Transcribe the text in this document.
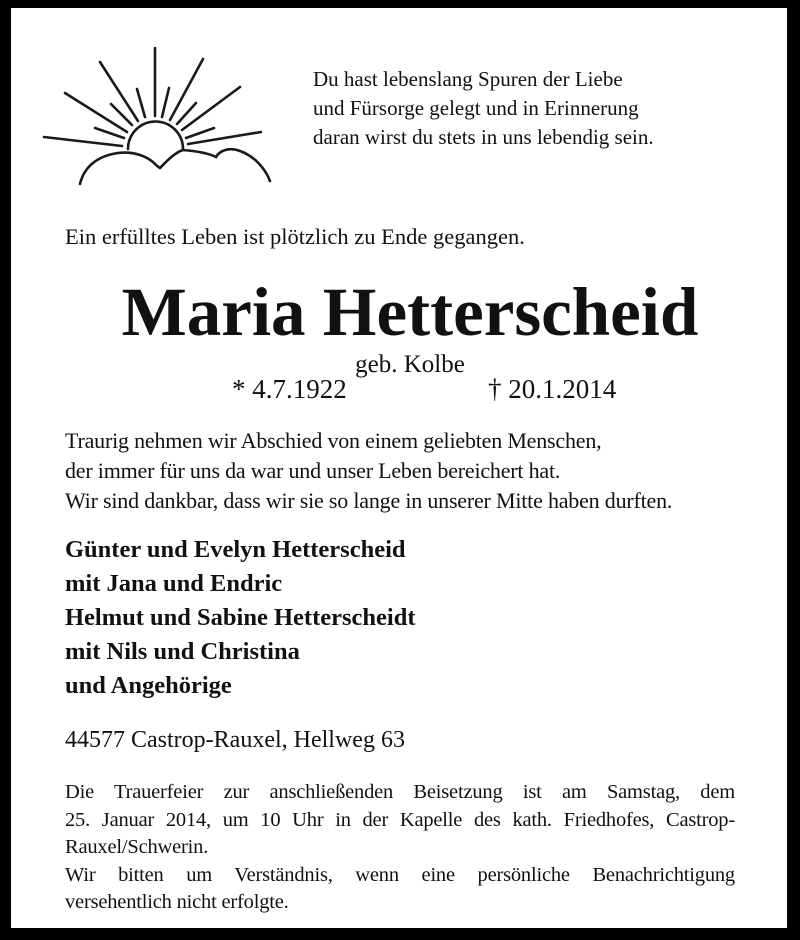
Du hast lebenslang Spuren der Liebe
und Fürsorge gelegt und in Erinnerung
daran wirst du stets in uns lebendig sein.
Ein erfülltes Leben ist plötzlich zu Ende gegangen.
Maria Hetterscheid
geb. Kolbe
* 4.7.1922	† 20.1.2014
Traurig nehmen wir Abschied von einem geliebten Menschen,
der immer für uns da war und unser Leben bereichert hat.
Wir sind dankbar, dass wir sie so lange in unserer Mitte haben durften.
Günter und Evelyn Hetterscheid
mit Jana und Endric
Helmut und Sabine Hetterscheidt
mit Nils und Christina
und Angehörige
44577 Castrop-Rauxel, Hellweg 63
Die Trauerfeier zur anschließenden Beisetzung ist am Samstag, dem
25. Januar 2014, um 10 Uhr in der Kapelle des kath. Friedhofes, Castrop-
Rauxel/Schwerin.
Wir bitten um Verständnis, wenn eine persönliche Benachrichtigung
versehentlich nicht erfolgte.
